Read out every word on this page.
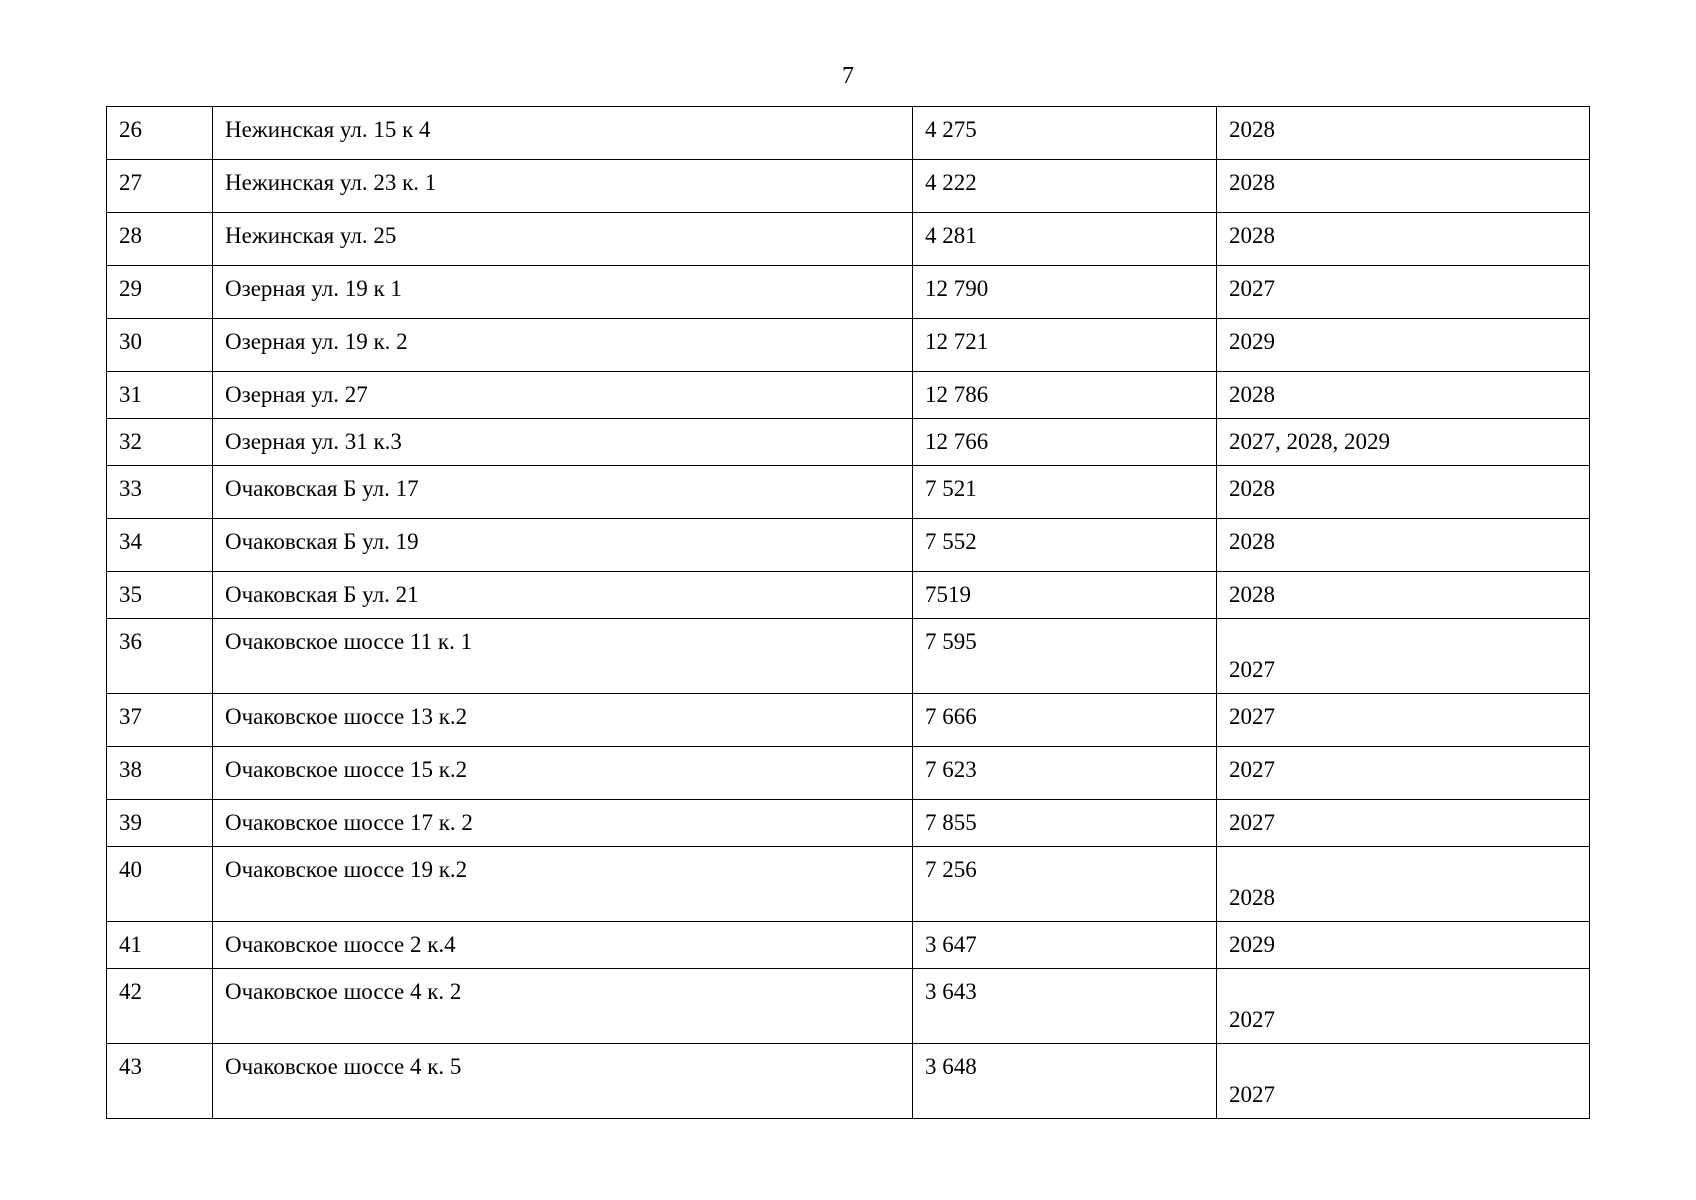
7
26	Нежинская ул. 15 к 4	4 275	2028

27	Нежинская ул. 23 к. 1	4 222	2028

28	Нежинская ул. 25	4 281	2028

29	Озерная ул. 19 к 1	12 790	2027

30	Озерная ул. 19 к. 2	12 721	2029

31	Озерная ул. 27	12 786	2028

32	Озерная ул. 31 к.3	12 766	2027, 2028, 2029

33	Очаковская Б ул. 17	7 521	2028

34	Очаковская Б ул. 19	7 552	2028

35	Очаковская Б ул. 21	7519	2028

36	Очаковское шоссе 11 к. 1	7 595	2027

37	Очаковское шоссе 13 к.2	7 666	2027

38	Очаковское шоссе 15 к.2	7 623	2027

39	Очаковское шоссе 17 к. 2	7 855	2027

40	Очаковское шоссе 19 к.2	7 256	2028

41	Очаковское шоссе 2 к.4	3 647	2029

42	Очаковское шоссе 4 к. 2	3 643	2027

43	Очаковское шоссе 4 к. 5	3 648	2027
